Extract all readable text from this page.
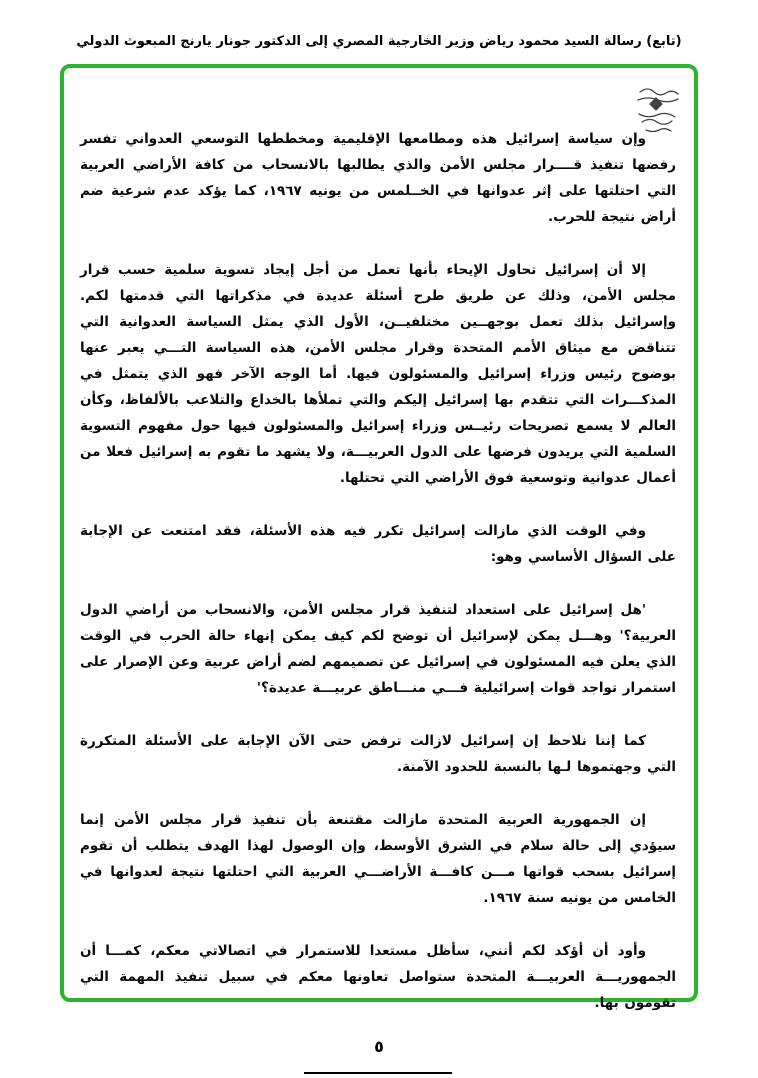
(تابع) رسالة السيد محمود رياض وزير الخارجية المصري إلى الدكتور جونار يارنج المبعوث الدولي

وإن سياسة إسرائيل هذه ومطامعها الإقليمية ومخططها التوسعي العدواني تفسر رفضها تنفيذ قــــرار مجلس الأمن والذي يطالبها بالانسحاب من كافة الأراضي العربية التي احتلتها على إثر عدوانها في الخــلمس من يونيه ١٩٦٧، كما يؤكد عدم شرعية ضم أراض نتيجة للحرب.

إلا أن إسرائيل تحاول الإيحاء بأنها تعمل من أجل إيجاد تسوية سلمية حسب قرار مجلس الأمن، وذلك عن طريق طرح أسئلة عديدة في مذكراتها التي قدمتها لكم. وإسرائيل بذلك تعمل بوجهــين مختلفيــن، الأول الذي يمثل السياسة العدوانية التي تتناقض مع ميثاق الأمم المتحدة وقرار مجلس الأمن، هذه السياسة التـــي يعبر عنها بوضوح رئيس وزراء إسرائيل والمسئولون فيها. أما الوجه الآخر فهو الذي يتمثل في المذكـــرات التي تتقدم بها إسرائيل إليكم والتي تملأها بالخداع والتلاعب بالألفاظ، وكأن العالم لا يسمع تصريحات رئيــس وزراء إسرائيل والمسئولون فيها حول مفهوم التسوية السلمية التي يريدون فرضها على الدول العربيـــة، ولا يشهد ما تقوم به إسرائيل فعلا من أعمال عدوانية وتوسعية فوق الأراضي التي تحتلها.

وفي الوقت الذي مازالت إسرائيل تكرر فيه هذه الأسئلة، فقد امتنعت عن الإجابة على السؤال الأساسي وهو:

'هل إسرائيل على استعداد لتنفيذ قرار مجلس الأمن، والانسحاب من أراضي الدول العربية؟' وهـــل يمكن لإسرائيل أن توضح لكم كيف يمكن إنهاء حالة الحرب في الوقت الذي يعلن فيه المسئولون في إسرائيل عن تصميمهم لضم أراض عربية وعن الإصرار على استمرار تواجد قوات إسرائيلية فـــي منـــاطق عربيـــة عديدة؟'

كما إننا نلاحظ إن إسرائيل لازالت ترفض حتى الآن الإجابة على الأسئلة المتكررة التي وجهتموها لـها بالنسبة للحدود الآمنة.

إن الجمهورية العربية المتحدة مازالت مقتنعة بأن تنفيذ قرار مجلس الأمن إنما سيؤدي إلى حالة سلام في الشرق الأوسط، وإن الوصول لهذا الهدف يتطلب أن تقوم إسرائيل بسحب قواتها مـــن كافـــة الأراضـــي العربية التي احتلتها نتيجة لعدوانها في الخامس من يونيه سنة ١٩٦٧.

وأود أن أؤكد لكم أنني، سأظل مستعدا للاستمرار في اتصالاتي معكم، كمـــا أن الجمهوريـــة العربيـــة المتحدة ستواصل تعاونها معكم في سبيل تنفيذ المهمة التي تقومون بها.

٥
